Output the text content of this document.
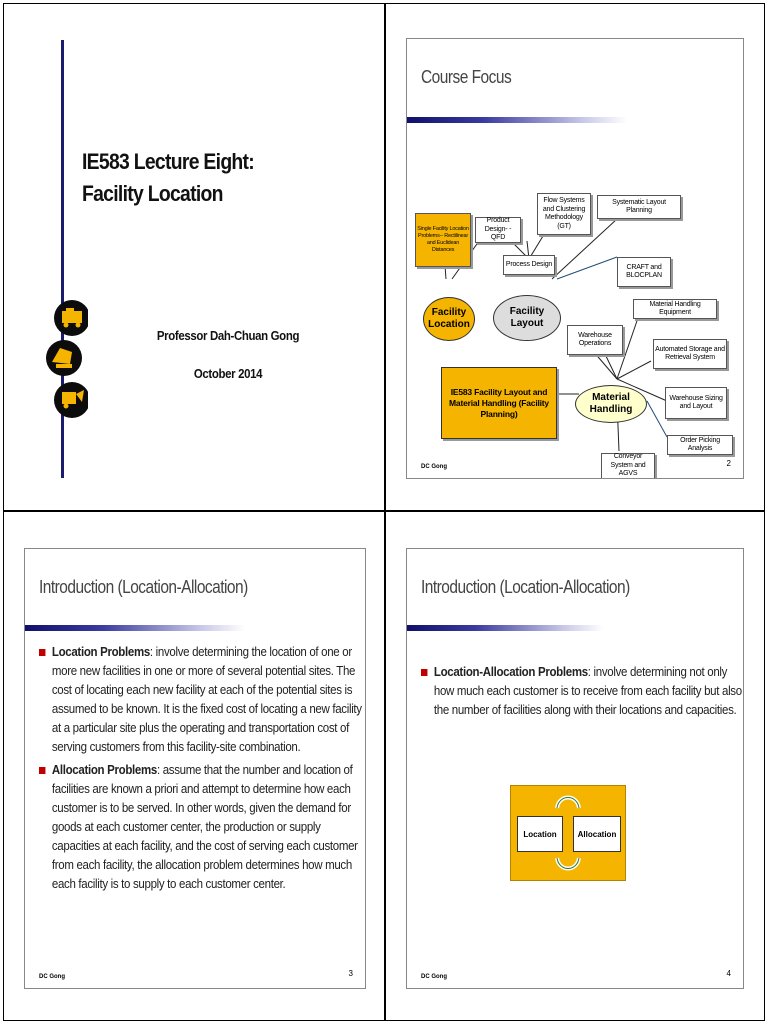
IE583 Lecture Eight:
Facility Location
Professor Dah-Chuan Gong
October 2014
Course Focus
Single Facility Location Problems-- Rectilinear and Euclidean Distances
Product Design- - QFD
Flow Systems and Clustering Methodology (GT)
Systematic Layout Planning
Process Design	CRAFT and BLOCPLAN
Facility Location
Facility Layout
Material Handling Equipment
Warehouse Operations
Automated Storage and Retrieval System
IE583 Facility Layout and Material Handling (Facility Planning)
Material Handling
Warehouse Sizing and Layout
Order Picking Analysis
Conveyor System and AGVS
DC Gong	2
Introduction (Location-Allocation)
Location Problems: involve determining the location of one or more new facilities in one or more of several potential sites. The cost of locating each new facility at each of the potential sites is assumed to be known. It is the fixed cost of locating a new facility at a particular site plus the operating and transportation cost of serving customers from this facility-site combination.
Allocation Problems: assume that the number and location of facilities are known a priori and attempt to determine how each customer is to be served. In other words, given the demand for goods at each customer center, the production or supply capacities at each facility, and the cost of serving each customer from each facility, the allocation problem determines how much each facility is to supply to each customer center.
DC Gong	3
Introduction (Location-Allocation)
Location-Allocation Problems: involve determining not only how much each customer is to receive from each facility but also the number of facilities along with their locations and capacities.
Location	Allocation
DC Gong	4
